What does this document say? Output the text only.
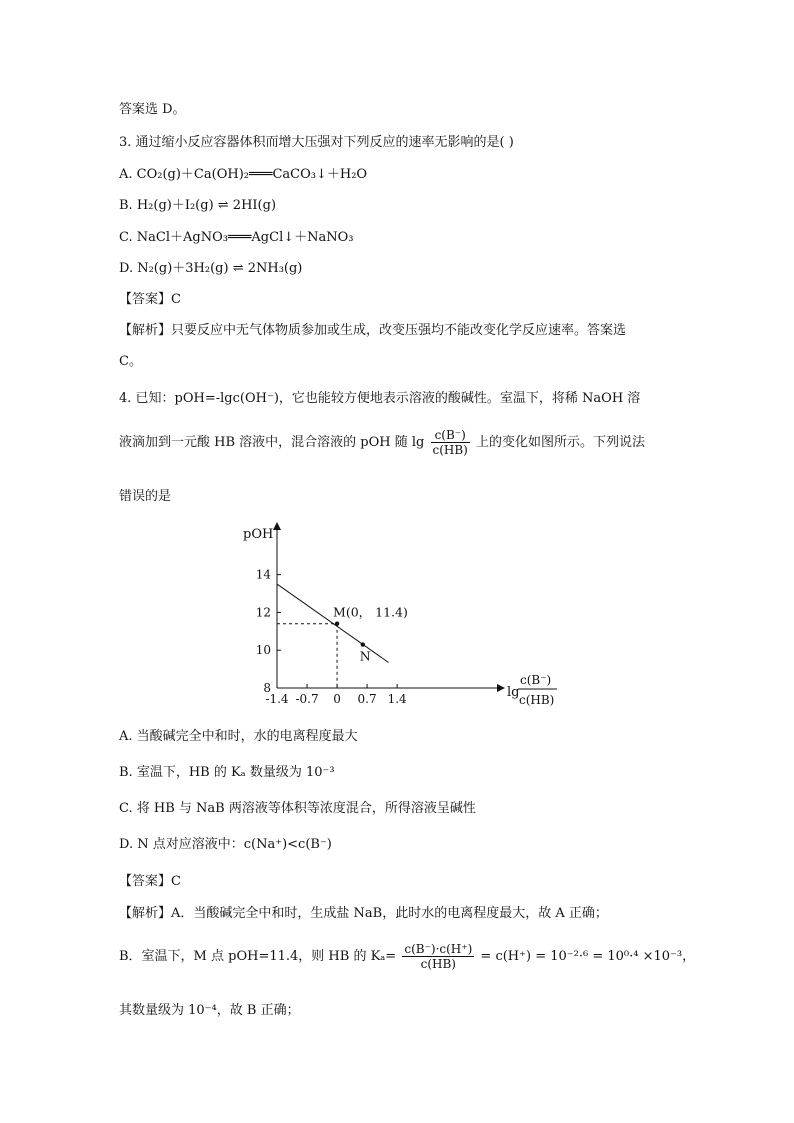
答案选 D。
3. 通过缩小反应容器体积而增大压强对下列反应的速率无影响的是( )
A. CO₂(g)＋Ca(OH)₂═══CaCO₃↓＋H₂O
B. H₂(g)＋I₂(g) ⇌ 2HI(g)
C. NaCl＋AgNO₃═══AgCl↓＋NaNO₃
D. N₂(g)＋3H₂(g) ⇌ 2NH₃(g)
【答案】C
【解析】只要反应中无气体物质参加或生成，改变压强均不能改变化学反应速率。答案选
C。
4. 已知：pOH=-lgc(OH⁻)，它也能较方便地表示溶液的酸碱性。室温下，将稀 NaOH 溶
液滴加到一元酸 HB 溶液中，混合溶液的 pOH 随 $\lg \frac{c(B^-)}{c(HB)}$ 上的变化如图所示。下列说法
错误的是
pOH
lg
c(B⁻)
c(HB)
-1.4 -0.7 0 0.7 1.4
8
10
12
14
M(0， 11.4)
N
A. 当酸碱完全中和时，水的电离程度最大
B. 室温下，HB 的 Kₐ 数量级为 10⁻³
C. 将 HB 与 NaB 两溶液等体积等浓度混合，所得溶液呈碱性
D. N 点对应溶液中：c(Na⁺)<c(B⁻)
【答案】C
【解析】A．当酸碱完全中和时，生成盐 NaB，此时水的电离程度最大，故 A 正确；
B．室温下，M 点 pOH=11.4，则 HB 的 $K_a= \frac{c(B^-)\cdot c(H^+)}{c(HB)} = c(H^+) = 10^{-2}\cdot^6 = 10^0\cdot^4 \times 10^{-3}$，
其数量级为 10⁻⁴，故 B 正确；
